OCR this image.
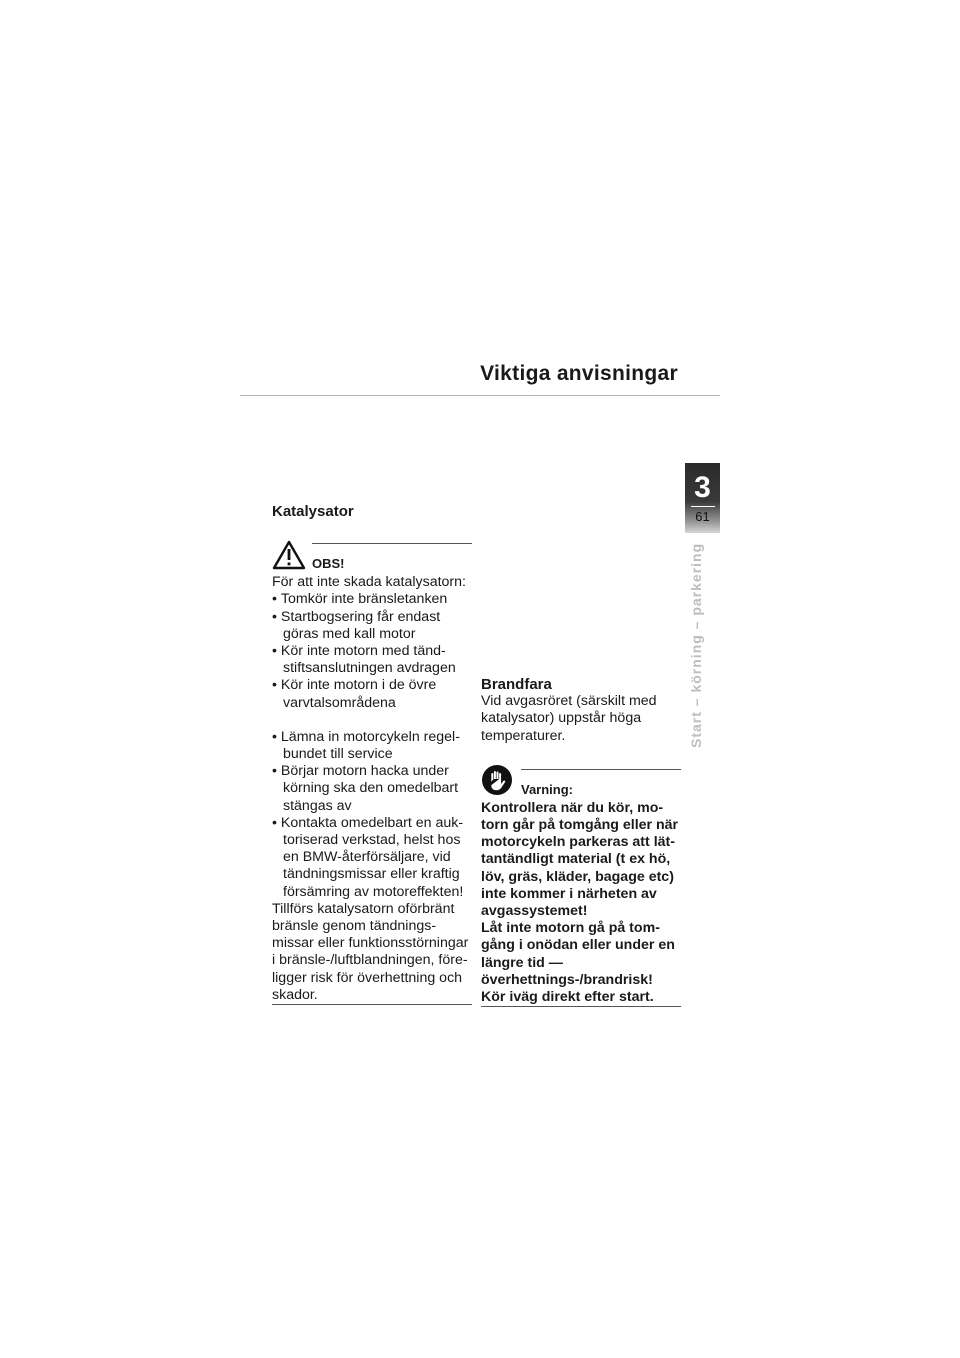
Viktiga anvisningar
3
61
Start – körning – parkering
Katalysator
OBS!

För att inte skada katalysatorn:

• Tomkör inte bränsletanken
• Startbogsering får endast göras med kall motor
• Kör inte motorn med tänd-stiftsanslutningen avdragen
• Kör inte motorn i de övre varvtalsområdena
• Lämna in motorcykeln regel-bundet till service
• Börjar motorn hacka under körning ska den omedelbart stängas av
• Kontakta omedelbart en auk-toriserad verkstad, helst hos en BMW-återförsäljare, vid tändningsmissar eller kraftig försämring av motoreffekten!

Tillförs katalysatorn oförbränt bränsle genom tändnings-missar eller funktionsstörningar i bränsle-/luftblandningen, före-ligger risk för överhettning och skador.

Brandfara

Vid avgasröret (särskilt med katalysator) uppstår höga temperaturer.

Varning:

Kontrollera när du kör, mo-torn går på tomgång eller när motorcykeln parkeras att lät-tantändligt material (t ex hö, löv, gräs, kläder, bagage etc) inte kommer i närheten av avgassystemet!

Låt inte motorn gå på tom-gång i onödan eller under en längre tid —överhettnings-/brandrisk!

Kör iväg direkt efter start.
